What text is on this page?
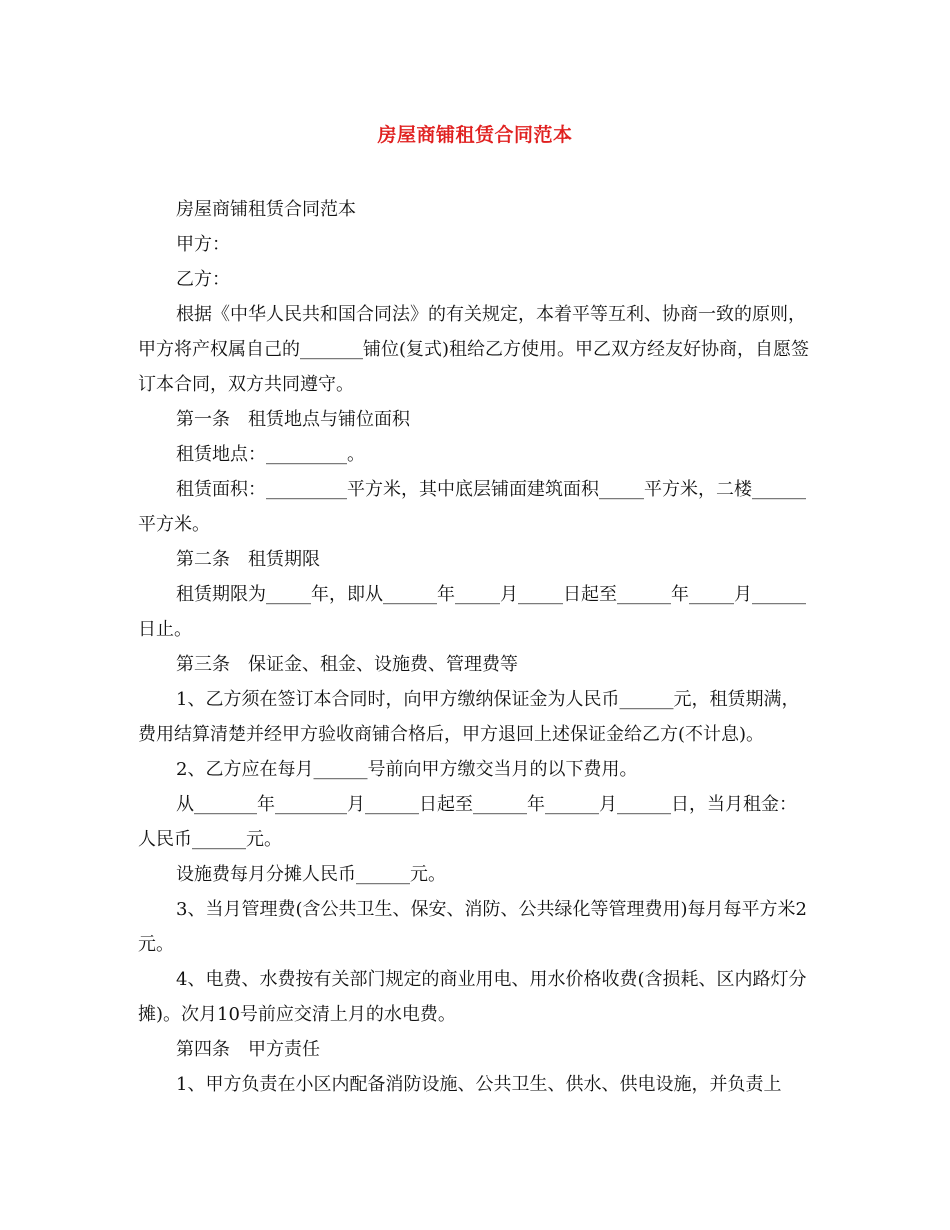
房屋商铺租赁合同范本

房屋商铺租赁合同范本

甲方：

乙方：

根据《中华人民共和国合同法》的有关规定，本着平等互利、协商一致的原则，甲方将产权属自己的_______铺位(复式)租给乙方使用。甲乙双方经友好协商，自愿签订本合同，双方共同遵守。

第一条　租赁地点与铺位面积

租赁地点：_________。

租赁面积：_________平方米，其中底层铺面建筑面积_____平方米，二楼______平方米。

第二条　租赁期限

租赁期限为_____年，即从______年_____月_____日起至______年_____月______日止。

第三条　保证金、租金、设施费、管理费等

1、乙方须在签订本合同时，向甲方缴纳保证金为人民币______元，租赁期满，费用结算清楚并经甲方验收商铺合格后，甲方退回上述保证金给乙方(不计息)。

2、乙方应在每月______号前向甲方缴交当月的以下费用。

从_______年________月______日起至______年______月______日，当月租金：人民币______元。

设施费每月分摊人民币______元。

3、当月管理费(含公共卫生、保安、消防、公共绿化等管理费用)每月每平方米2元。

4、电费、水费按有关部门规定的商业用电、用水价格收费(含损耗、区内路灯分摊)。次月10号前应交清上月的水电费。

第四条　甲方责任

1、甲方负责在小区内配备消防设施、公共卫生、供水、供电设施，并负责上
